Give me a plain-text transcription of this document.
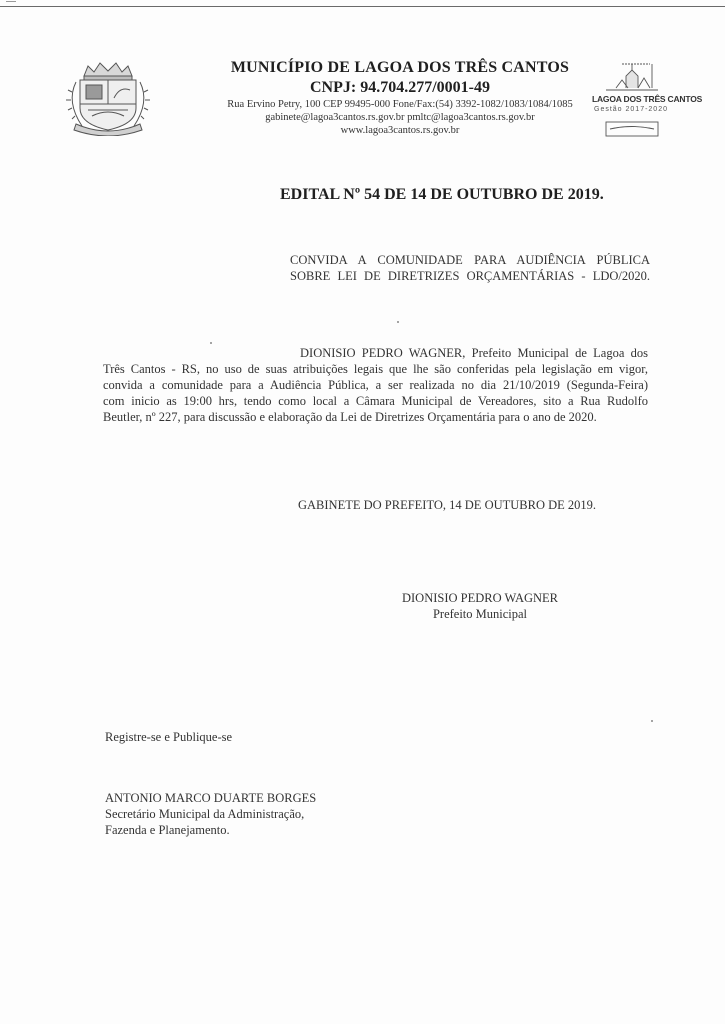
MUNICÍPIO DE LAGOA DOS TRÊS CANTOS
CNPJ: 94.704.277/0001-49
Rua Ervino Petry, 100 CEP 99495-000 Fone/Fax:(54) 3392-1082/1083/1084/1085
gabinete@lagoa3cantos.rs.gov.br pmltc@lagoa3cantos.rs.gov.br
www.lagoa3cantos.rs.gov.br
LAGOA DOS TRÊS CANTOS
Gestão 2017-2020
EDITAL Nº 54 DE 14 DE OUTUBRO DE 2019.
CONVIDA A COMUNIDADE PARA AUDIÊNCIA PÚBLICA
SOBRE LEI DE DIRETRIZES ORÇAMENTÁRIAS - LDO/2020.
DIONISIO PEDRO WAGNER, Prefeito Municipal de Lagoa dos
Três Cantos - RS, no uso de suas atribuições legais que lhe são conferidas pela legislação em vigor,
convida a comunidade para a Audiência Pública, a ser realizada no dia 21/10/2019 (Segunda-Feira)
com inicio as 19:00 hrs, tendo como local a Câmara Municipal de Vereadores, sito a Rua Rudolfo
Beutler, nº 227, para discussão e elaboração da Lei de Diretrizes Orçamentária para o ano de 2020.
GABINETE DO PREFEITO, 14 DE OUTUBRO DE 2019.
DIONISIO PEDRO WAGNER
Prefeito Municipal
Registre-se e Publique-se
ANTONIO MARCO DUARTE BORGES
Secretário Municipal da Administração,
Fazenda e Planejamento.
